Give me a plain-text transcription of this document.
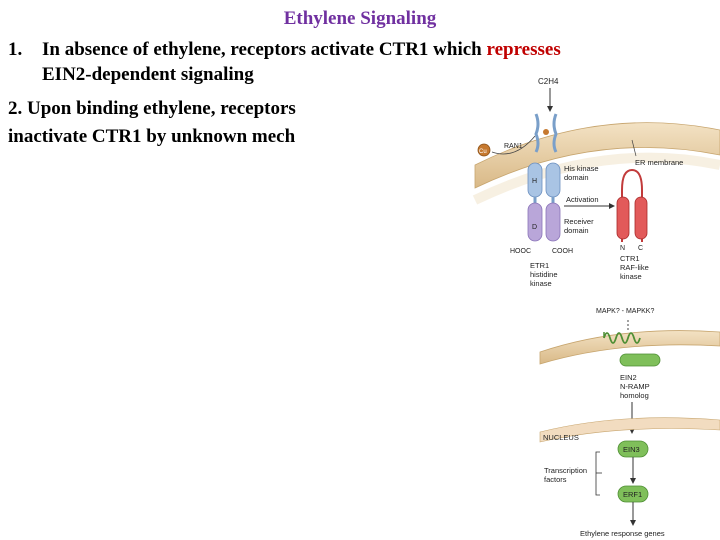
Ethylene Signaling
1. In absence of ethylene, receptors activate CTR1 which represses
EIN2-dependent signaling
2. Upon binding ethylene, receptors
inactivate CTR1 by unknown mech
C2H4
Cu
RAN1
ER membrane
H
His kinase
domain
D
Receiver
domain
Activation
HOOC	COOH
ETR1
histidine
kinase
N C
CTR1
RAF-like
kinase
MAPK? - MAPKK?
EIN2
N-RAMP
homolog
NUCLEUS
EIN3
Transcription
factors
ERF1
Ethylene response genes
